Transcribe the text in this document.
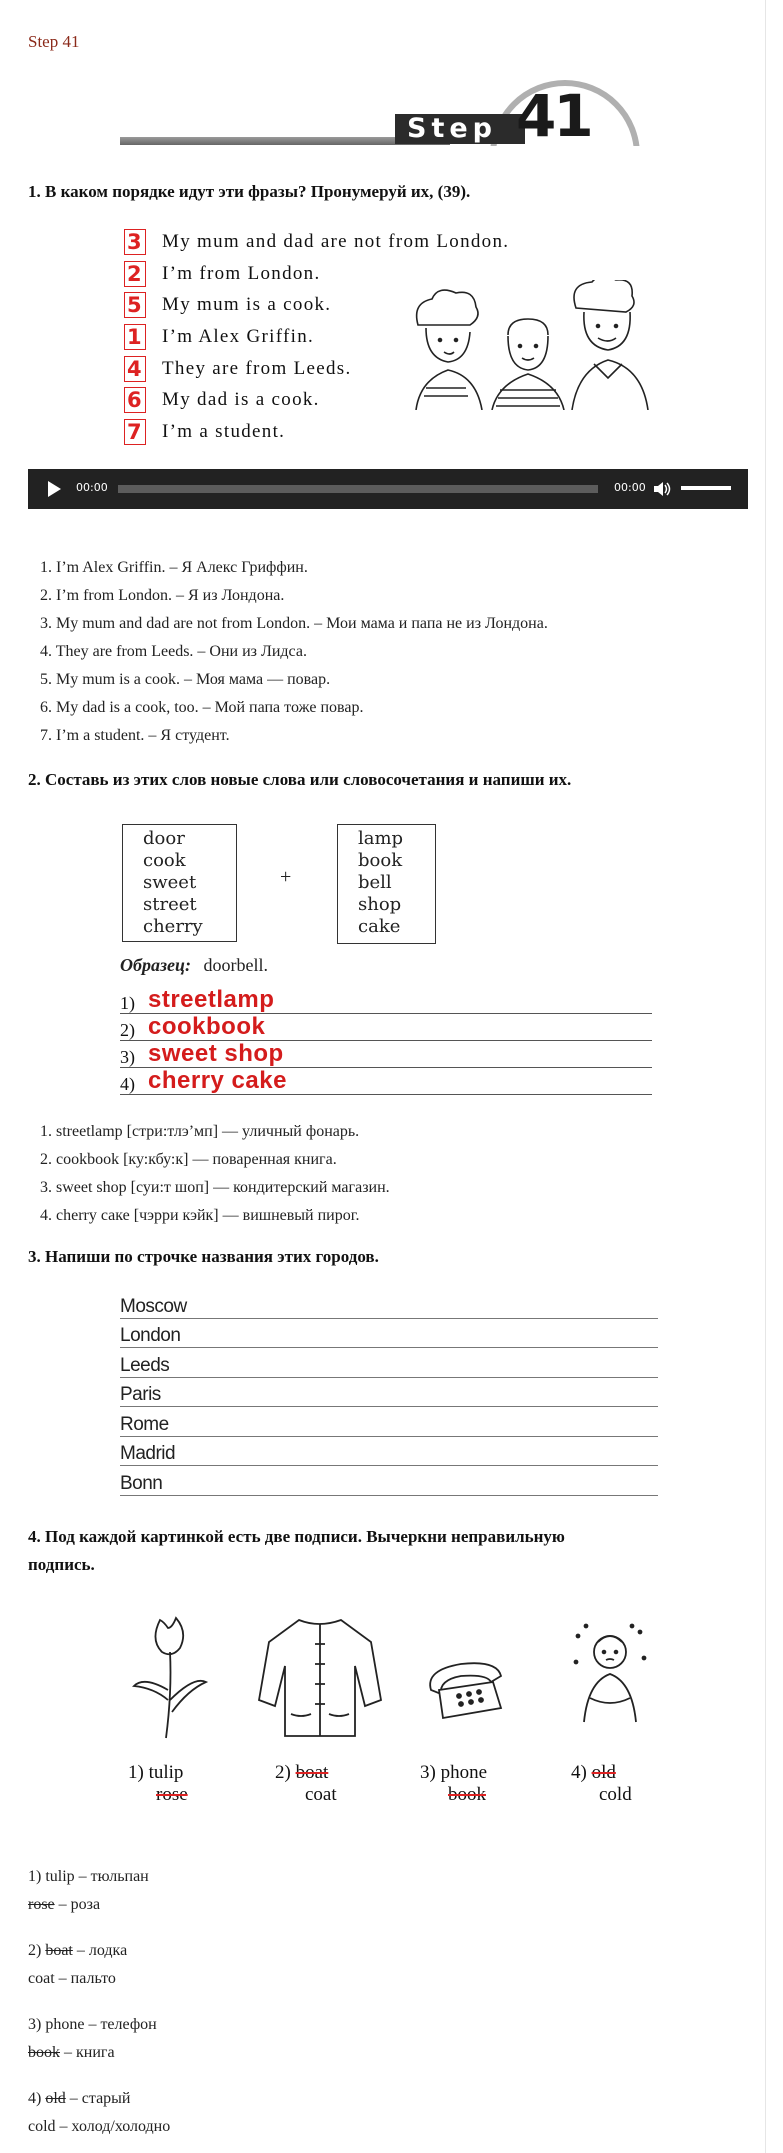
Step 41
Step 41
1. В каком порядке идут эти фразы? Пронумеруй их, (39).
3 My mum and dad are not from London.
2 I’m from London.
5 My mum is a cook.
1 I’m Alex Griffin.
4 They are from Leeds.
6 My dad is a cook.
7 I’m a student.
00:00	00:00
1. I’m Alex Griffin. – Я Алекс Гриффин.
2. I’m from London. – Я из Лондона.
3. My mum and dad are not from London. – Мои мама и папа не из Лондона.
4. They are from Leeds. – Они из Лидса.
5. My mum is a cook. – Моя мама — повар.
6. My dad is a cook, too. – Мой папа тоже повар.
7. I’m a student. – Я студент.
2. Составь из этих слов новые слова или словосочетания и напиши их.
door
cook
sweet
street
cherry
+
lamp
book
bell
shop
cake
Образец: doorbell.
1) streetlamp
2) cookbook
3) sweet shop
4) cherry cake
1. streetlamp [стри:тлэ’мп] — уличный фонарь.
2. cookbook [ку:кбу:к] — поваренная книга.
3. sweet shop [суи:т шоп] — кондитерский магазин.
4. cherry саке [чэрри кэйк] — вишневый пирог.
3. Напиши по строчке названия этих городов.
Moscow
London
Leeds
Paris
Rome
Madrid
Bonn
4. Под каждой картинкой есть две подписи. Вычеркни неправильную
подпись.
1) tulip
rose
2) boat
coat
3) phone
book
4) old
cold
1) tulip – тюльпан
rose – роза
2) boat – лодка
coat – пальто
3) phone – телефон
book – книга
4) old – старый
cold – холод/холодно
